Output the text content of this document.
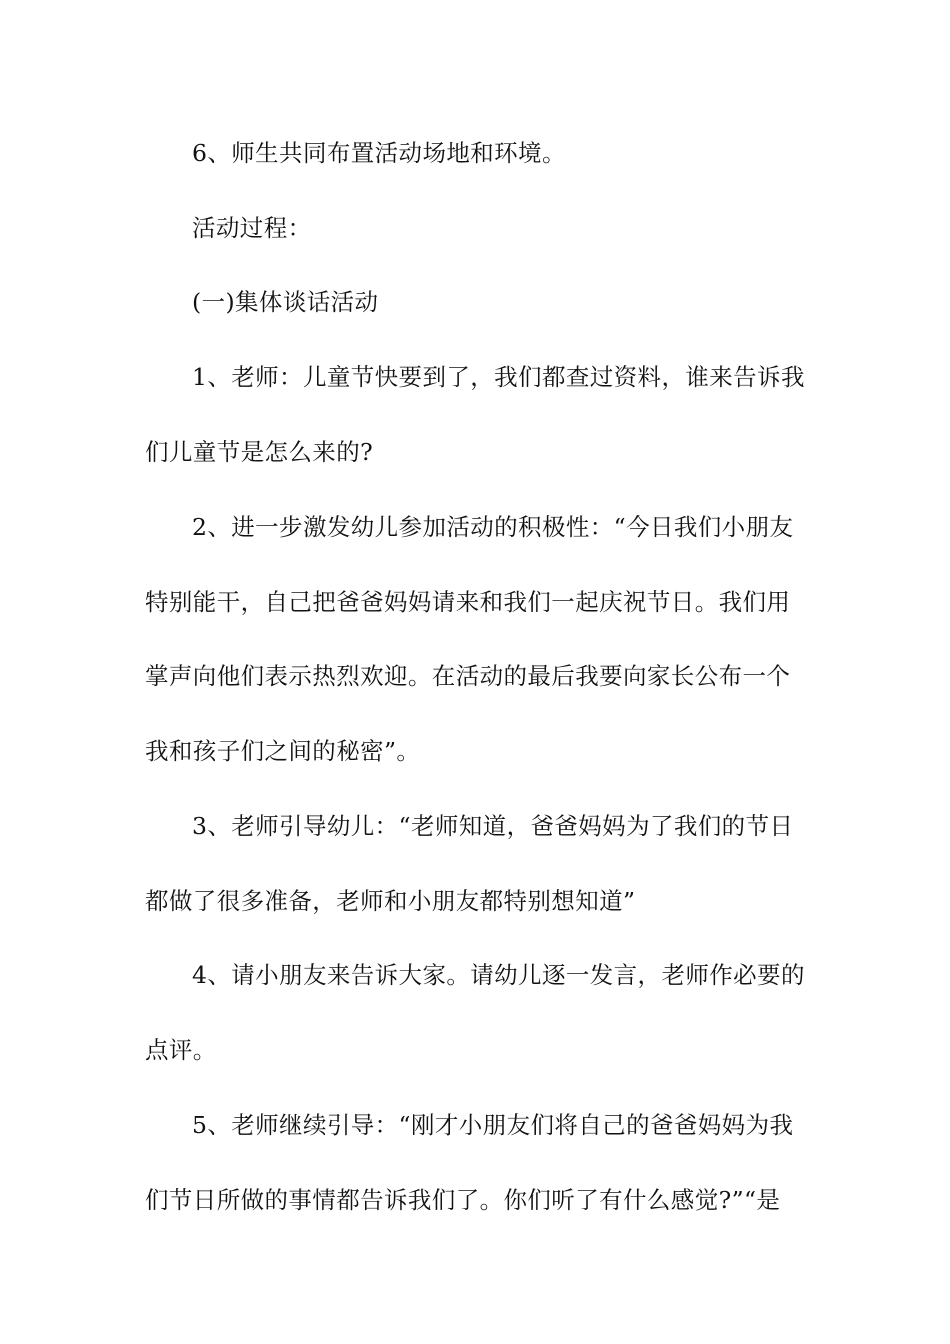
6、师生共同布置活动场地和环境。
活动过程：
(一)集体谈话活动
1、老师：儿童节快要到了，我们都查过资料，谁来告诉我
们儿童节是怎么来的?
2、进一步激发幼儿参加活动的积极性：“今日我们小朋友
特别能干，自己把爸爸妈妈请来和我们一起庆祝节日。我们用
掌声向他们表示热烈欢迎。在活动的最后我要向家长公布一个
我和孩子们之间的秘密”。
3、老师引导幼儿：“老师知道，爸爸妈妈为了我们的节日
都做了很多准备，老师和小朋友都特别想知道”
4、请小朋友来告诉大家。请幼儿逐一发言，老师作必要的
点评。
5、老师继续引导：“刚才小朋友们将自己的爸爸妈妈为我
们节日所做的事情都告诉我们了。你们听了有什么感觉?”“是
